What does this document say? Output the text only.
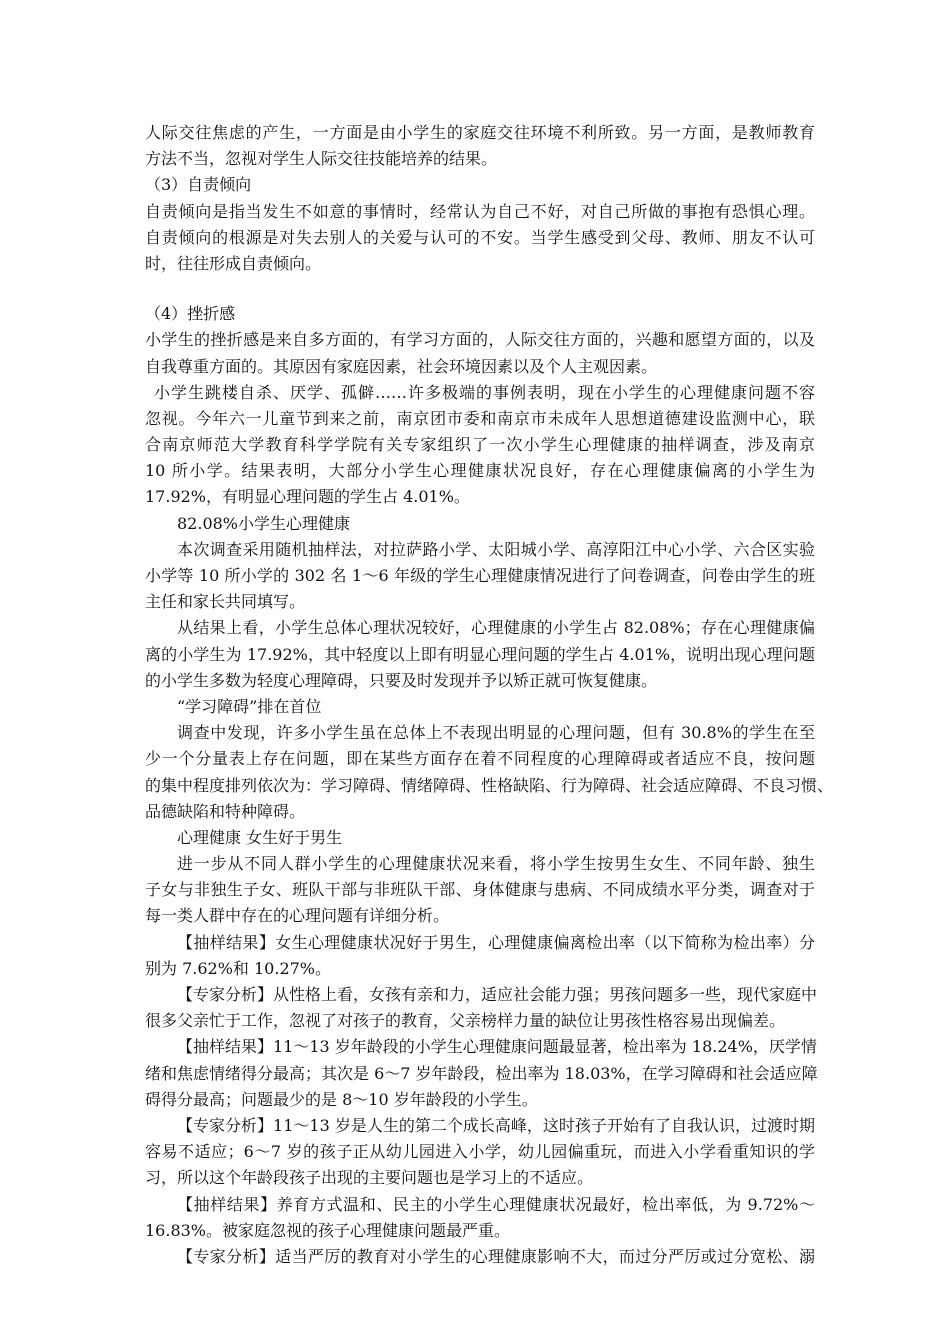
人际交往焦虑的产生，一方面是由小学生的家庭交往环境不利所致。另一方面，是教师教育
方法不当，忽视对学生人际交往技能培养的结果。
（3）自责倾向
自责倾向是指当发生不如意的事情时，经常认为自己不好，对自己所做的事抱有恐惧心理。
自责倾向的根源是对失去别人的关爱与认可的不安。当学生感受到父母、教师、朋友不认可
时，往往形成自责倾向。
（4）挫折感
小学生的挫折感是来自多方面的，有学习方面的，人际交往方面的，兴趣和愿望方面的，以及
自我尊重方面的。其原因有家庭因素，社会环境因素以及个人主观因素。
小学生跳楼自杀、厌学、孤僻……许多极端的事例表明，现在小学生的心理健康问题不容
忽视。今年六一儿童节到来之前，南京团市委和南京市未成年人思想道德建设监测中心，联
合南京师范大学教育科学学院有关专家组织了一次小学生心理健康的抽样调查，涉及南京
10 所小学。结果表明，大部分小学生心理健康状况良好，存在心理健康偏离的小学生为
17.92%，有明显心理问题的学生占 4.01%。
82.08%小学生心理健康
本次调查采用随机抽样法，对拉萨路小学、太阳城小学、高淳阳江中心小学、六合区实验
小学等 10 所小学的 302 名 1～6 年级的学生心理健康情况进行了问卷调查，问卷由学生的班
主任和家长共同填写。
从结果上看，小学生总体心理状况较好，心理健康的小学生占 82.08%；存在心理健康偏
离的小学生为 17.92%，其中轻度以上即有明显心理问题的学生占 4.01%，说明出现心理问题
的小学生多数为轻度心理障碍，只要及时发现并予以矫正就可恢复健康。
“学习障碍”排在首位
调查中发现，许多小学生虽在总体上不表现出明显的心理问题，但有 30.8%的学生在至
少一个分量表上存在问题，即在某些方面存在着不同程度的心理障碍或者适应不良，按问题
的集中程度排列依次为：学习障碍、情绪障碍、性格缺陷、行为障碍、社会适应障碍、不良习惯、
品德缺陷和特种障碍。
心理健康 女生好于男生
进一步从不同人群小学生的心理健康状况来看，将小学生按男生女生、不同年龄、独生
子女与非独生子女、班队干部与非班队干部、身体健康与患病、不同成绩水平分类，调查对于
每一类人群中存在的心理问题有详细分析。
【抽样结果】女生心理健康状况好于男生，心理健康偏离检出率（以下简称为检出率）分
别为 7.62%和 10.27%。
【专家分析】从性格上看，女孩有亲和力，适应社会能力强；男孩问题多一些，现代家庭中
很多父亲忙于工作，忽视了对孩子的教育，父亲榜样力量的缺位让男孩性格容易出现偏差。
【抽样结果】11～13 岁年龄段的小学生心理健康问题最显著，检出率为 18.24%，厌学情
绪和焦虑情绪得分最高；其次是 6～7 岁年龄段，检出率为 18.03%，在学习障碍和社会适应障
碍得分最高；问题最少的是 8～10 岁年龄段的小学生。
【专家分析】11～13 岁是人生的第二个成长高峰，这时孩子开始有了自我认识，过渡时期
容易不适应；6～7 岁的孩子正从幼儿园进入小学，幼儿园偏重玩，而进入小学看重知识的学
习，所以这个年龄段孩子出现的主要问题也是学习上的不适应。
【抽样结果】养育方式温和、民主的小学生心理健康状况最好，检出率低，为 9.72%～
16.83%。被家庭忽视的孩子心理健康问题最严重。
【专家分析】适当严厉的教育对小学生的心理健康影响不大，而过分严厉或过分宽松、溺
